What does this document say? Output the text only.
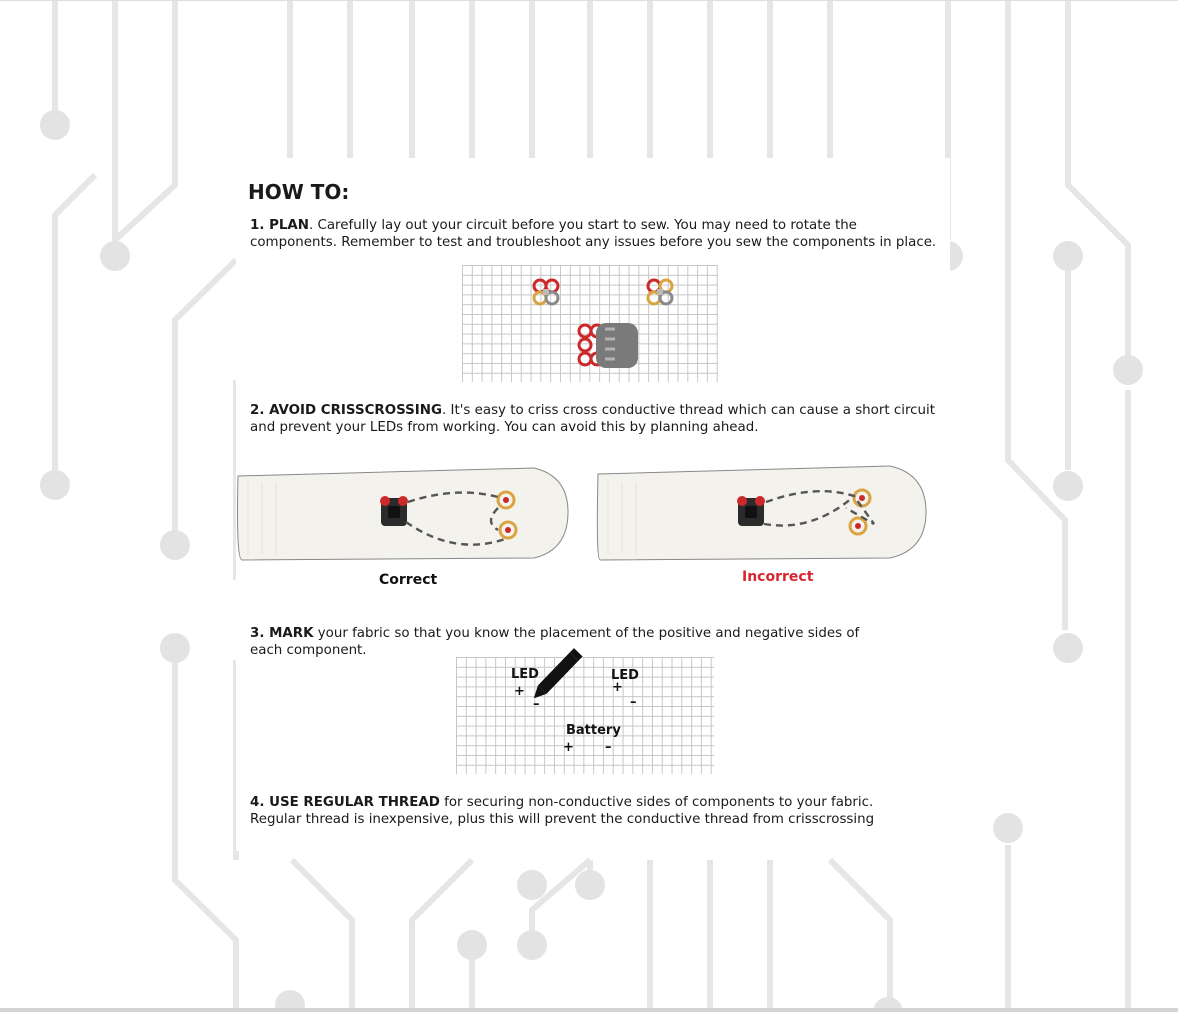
HOW TO:

1. PLAN. Carefully lay out your circuit before you start to sew. You may need to rotate the components. Remember to test and troubleshoot any issues before you sew the components in place.

2. AVOID CRISSCROSSING. It's easy to criss cross conductive thread which can cause a short circuit and prevent your LEDs from working. You can avoid this by planning ahead.

Correct	Incorrect

3. MARK your fabric so that you know the placement of the positive and negative sides of each component.

LED
+
–
LED
+
–
Battery
+ –

4. USE REGULAR THREAD for securing non-conductive sides of components to your fabric. Regular thread is inexpensive, plus this will prevent the conductive thread from crisscrossing
